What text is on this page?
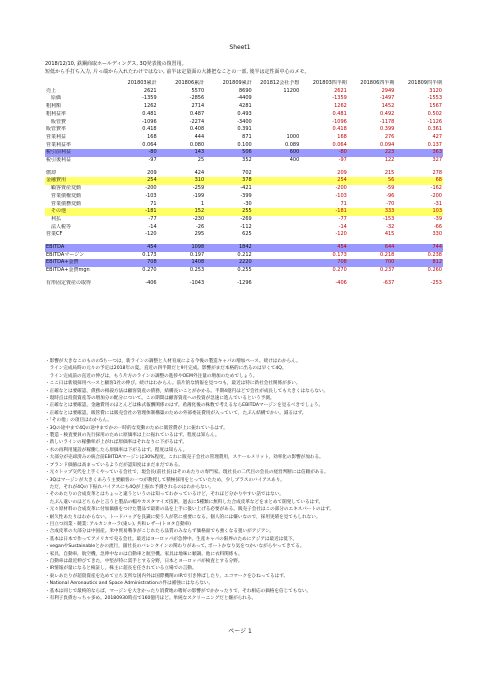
Sheet1
2018/12/10, 鉄鋼商取ホールディングス, 3Q発表後の復習用。
短低から手打ち入力, 片っ端から入れたわけではない, 前半は定量面の大雑把なことの一部, 後半は定性面中心のメモ。
	201803累計	201806累計	201809累計	201812会社予想	201803四半期	201806四半期	201809四半期
売上	2621	5570	8690	11200	2621	2949	3120
　原価	-1359	-2856	-4409		-1359	-1497	-1553
粗利額	1262	2714	4281		1262	1452	1567
粗利益率	0.481	0.487	0.493		0.481	0.492	0.502
　販管費	-1096	-2274	-3400		-1096	-1178	-1126
販管費率	0.418	0.408	0.391		0.418	0.399	0.361
営業利益	168	444	871	1000	168	276	427
営業利益率	0.064	0.080	0.100	0.089	0.064	0.094	0.137
税引前利益	-80	143	506	600	-80	223	363
税引後利益	-97	25	352	400	-97	122	327

償却	209	424	702		209	215	278
金融費用	254	310	378		254	56	68
　顧客資産変動	-200	-259	-421		-200	-59	-162
　営業債権変動	-103	-199	-399		-103	-96	-200
　営業債務変動	71	1	-30		71	-70	-31
　その他	-181	152	255		-181	333	103
　利払	-77	-230	-269		-77	-153	-39
　法人税等	-14	-26	-112		-14	-32	-66
営業CF	-120	295	625		-120	415	330

EBITDA	454	1098	1842		454	644	744
EBITDAマージン	0.173	0.197	0.212		0.173	0.218	0.238
EBITDA+金費	708	1408	2220		708	700	812
EBITDA+金費mgn	0.270	0.253	0.255		0.270	0.237	0.260

有形固定資産の取得	-406	-1043	-1296		-406	-637	-253
・影響が大きなこのものの5ちーつは，新ラインの調整と人材育成による今後の製造キャパの増加ペース。続けはわからん。
　ライン完成局時の元々の予定は2018年の夏。直近の四半期だと9月完成。影響がまだ本格的に出るのは早くて4Q。
　ライン完成前の直近の伸びは，もう片方のラインの調整の進捗やOEM外注量の増加のためでしょう。
・ここ日は新規採用ペースと顧客1社の伸び。続けはわからん。前片的な情報を見つつも，最近は特に新社会社関係が多い。
・正確なとは要確認，債務の相殺方法は顧客資産の債務，結構長いことがかかる。半期4億円ほどで会社が成長しても大きくはならない。
・現時点は投資資産等の増加分の配分について。この期間は顧客資産への投資が急速に進んでいるという予測。
・正確なとは要確認，金融費用のほとんどは株式報酬関係のはず。希薄化後の株数で考えるならEBITDAマージンを見るべきでしょう。
・正確なとは要確認，販管費には販売会社の管理体制構築のための外部委託費用が入っていて，たぶん結構でかい。減るはず。
・「その他」の項目はわからん。
・3Qの途中まで4Qの途中までかの一時的な変動のために販管費が上に振れているはず。
・製造・検査要員の先行採用のために原価率は上に振れているはず。程度は知らん。
・新しいラインの稼働率が上がれば原価率はそれなりに下がるはず。
・水の再利用施設が稼働したら原価率は下がるはず。程度は知らん。
・大部分が売却済みの統合前EBITDAマージンは30%程度。これに販売子会社の管理費用，スケールメリット，効率化の影響が加わる。
・ブランド価値は高まっているようだが認知度はまだまだである。
・元々トップ交代を上手くやっている会社で，現会長(前社長)はそのあたりの専門家。現社長の二代目の会長の経営判断には信頼がある。
・3Qはマージンが大きくあろう主要顧客の一つが教授して積極採用をとっていたため，少しプラスのバイアスあり。
　ただ，それが4Qの下振れバイアスにも4Qが上振れ予測されるのはわからない。
・そのあたりの合成皮革とはちょっと違うというのは知ってわかっているけど，それほど分かりやすい話ではない。
　たぶん違いのほどちらかと言うと製品の幅やカスタマイズ技術，過去に5種類に無料した合成皮革などをまとめて開発しているはず。
・元々原材料の合成皮革に付加価値をつけた製品で最新の品を上手に扱い上げる必要がある。販売子会社はこの部分のエキスパートのはず。
・耐久性あたりはわからない。トードバッグを良識に使う人が常に重要になる。個人的には嫌いなので，採用実績を見てもしれない。
・目立つ同業・競業: アルカンターラ(東レ), 共和レザー(トヨタ自動車)
・合成皮革の大部分は中国産。米中貿易戦争がこじれたら品質のみならず価格面でも強くなる狙いがアジアン。
・基本は日本で作ってアメリカで売る会社。最近はヨーロッパが急伸中。生産キャパの限界のためにアジアは最近は低下。
・veganやSustainableとかの流行，副社長のバレンタインの関わりがあって, ボートかなり気をつかいながらやってきてる。
・家具，自動車，航空機，急伸中なのは自動車と航空機。家具は地味に順調。他に衣料関係も。
・自動車は最近伸びてきた，中堅が特に需手とする分野，日本とヨーロッパが検査とする分野。
・IR情報が量になると検証し，株主に超長を任されている立場での言動。
・東レあたりが超資資産を込めて立ち支所な国内外は国際機関のIRで引き伸ばしたり，エコマークをひねってるはず。
・National Aeronautics and Space Administrationの件は補強にはならない。
・基本は同じで最終的ならば，マージンを大きかったり消費地の嗜好の影響がでかかったりで，それ相応の価格を信じてもない。
・有利子負債むっちゃ多め。20180930時点で160億円ほど。単純なスクリーニングだと嫌がられる。
ページ 1
